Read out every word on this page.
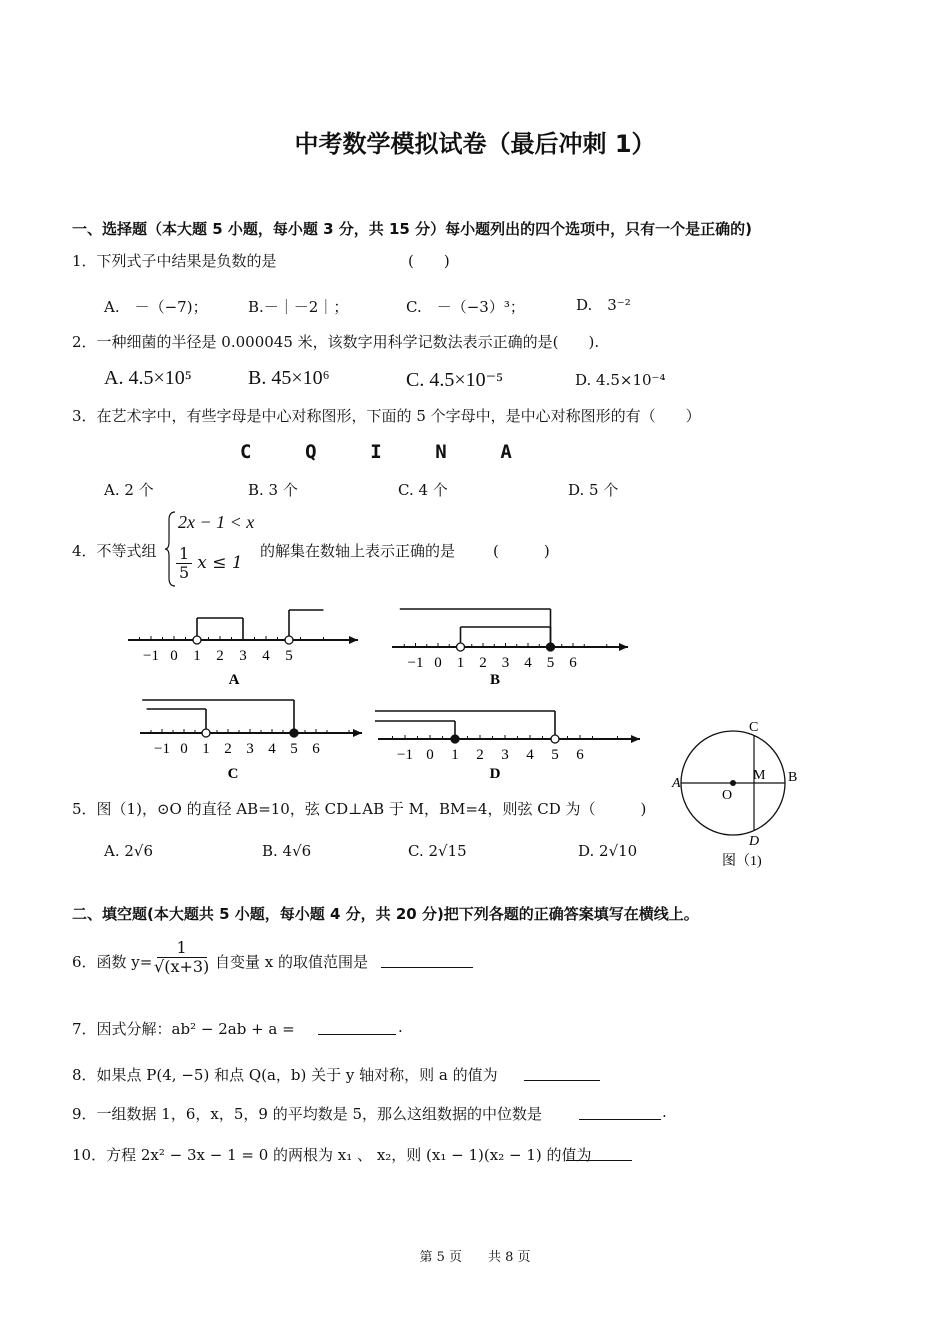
中考数学模拟试卷（最后冲刺 1）
一、选择题（本大题 5 小题，每小题 3 分，共 15 分）每小题列出的四个选项中，只有一个是正确的)
1．下列式子中结果是负数的是	(　　)
A.　－（−7)；	B.－｜－2｜；	C.　－（−3）³；	D.　3⁻²
2．一种细菌的半径是 0.000045 米，该数字用科学记数法表示正确的是(　　).
A. 4.5×10⁵	B. 45×10⁶	C. 4.5×10⁻⁵	D. 4.5×10⁻⁴
3．在艺术字中，有些字母是中心对称图形，下面的 5 个字母中，是中心对称图形的有（　　）
C	Q	I	N	A
A. 2 个	B. 3 个	C. 4 个	D. 5 个
4．不等式组
2x − 1 < x
$\frac{1}{5}$ x ≤ 1
的解集在数轴上表示正确的是	(　　　)
−1 0 1 2 3 4 5
A
−1 0 1 2 3 4 5 6
B
−1 0 1 2 3 4 5 6
C
−1 0 1 2 3 4 5 6
D
5．图（1)，⊙O 的直径 AB=10，弦 CD⊥AB 于 M，BM=4，则弦 CD 为（　　　)
A. 2√6	B. 4√6	C. 2√15	D. 2√10
A	B
C
D
O
M
图（1)
二、填空题(本大题共 5 小题，每小题 4 分，共 20 分)把下列各题的正确答案填写在横线上。
6．函数 $y= \frac{1}{√(x+3)}$ 自变量 x 的取值范围是
7．因式分解：ab² − 2ab + a =	.
8．如果点 P(4, −5) 和点 Q(a，b) 关于 y 轴对称，则 a 的值为
9．一组数据 1，6，x，5，9 的平均数是 5，那么这组数据的中位数是	.
10．方程 2x² − 3x − 1 = 0 的两根为 x₁ 、 x₂，则 (x₁ − 1)(x₂ − 1) 的值为
第 5 页　　共 8 页
